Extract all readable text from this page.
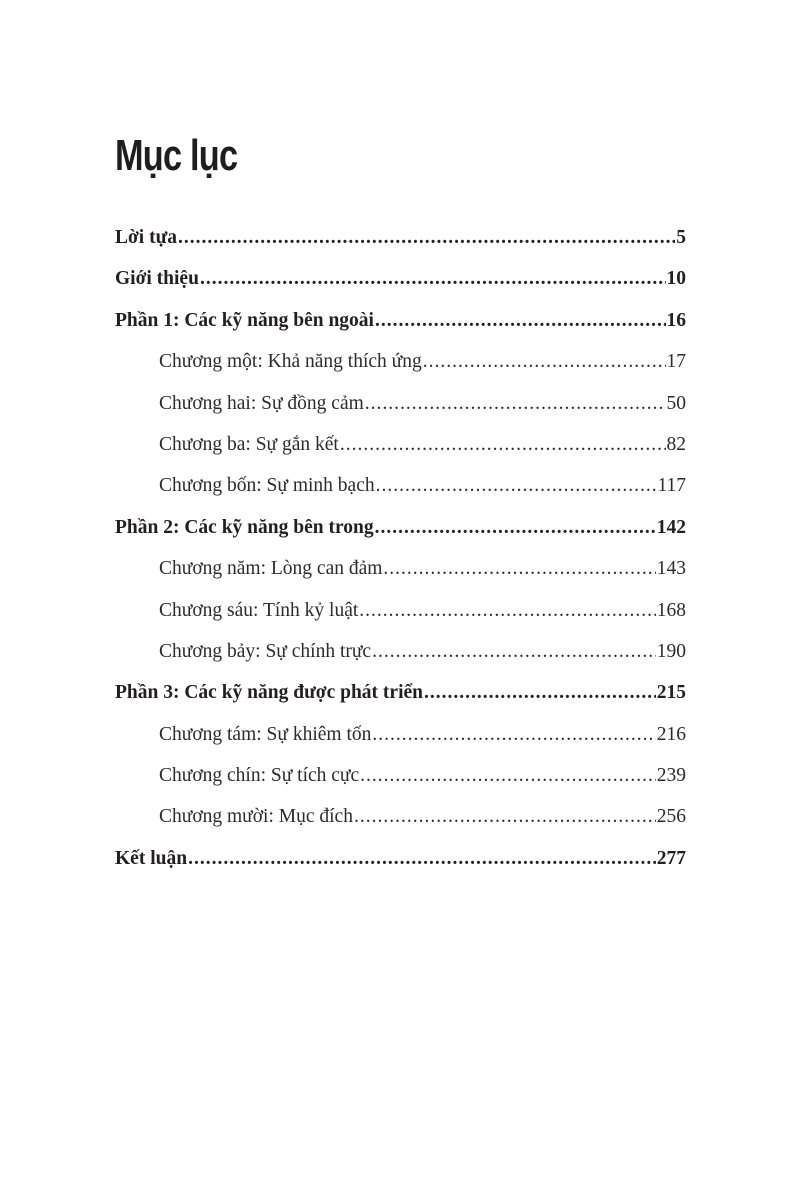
Mục lục
Lời tựa .....	5
Giới thiệu .....	10
Phần 1: Các kỹ năng bên ngoài .....	16
Chương một: Khả năng thích ứng .....	17
Chương hai: Sự đồng cảm .....	50
Chương ba: Sự gắn kết .....	82
Chương bốn: Sự minh bạch .....	117
Phần 2: Các kỹ năng bên trong .....	142
Chương năm: Lòng can đảm .....	143
Chương sáu: Tính kỷ luật .....	168
Chương bảy: Sự chính trực .....	190
Phần 3: Các kỹ năng được phát triển .....	215
Chương tám: Sự khiêm tốn .....	216
Chương chín: Sự tích cực .....	239
Chương mười: Mục đích .....	256
Kết luận .....	277
